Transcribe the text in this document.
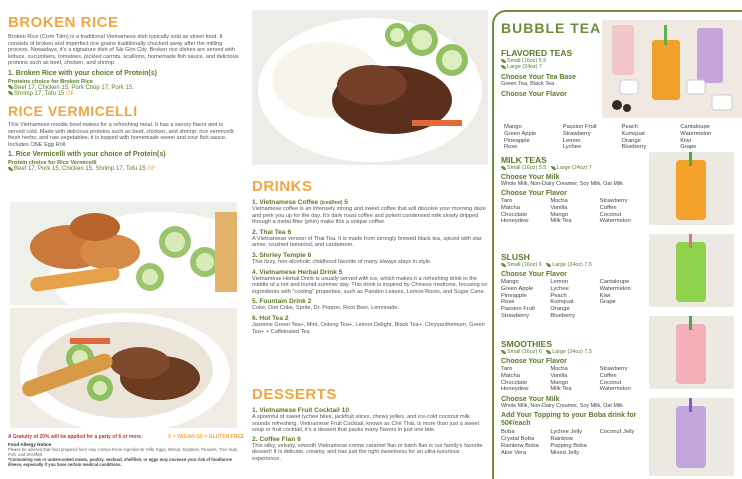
BROKEN RICE
Broken Rice (Cơm Tấm) is a traditional Vietnamese dish typically sold as street food. It consists of broken and imperfect rice grains traditionally chucked away after the milling process. Nowadays, it's a signature dish of Sài Gòn City. Broken rice dishes are served with lettuce, cucumbers, tomatoes, pickled carrots, scallions, homemade fish sauce, and delicious proteins such as beef, chicken, and shrimp.
1. Broken Rice with your choice of Protein(s)
Proteins choice for Broken Rice
Beef 17, Chicken 15, Pork Chop 17, Pork 15,
Shrimp 17, Tofu 15 GF
RICE VERMICELLI
This Vietnamese noodle bowl makes for a refreshing meal. It has a savory flavor and is served cold. Made with delicious proteins such as beef, chicken, and shrimp; rice vermicelli; fresh herbs; and raw vegetables, it is topped with homemade sweet and sour fish sauce. Includes ONE Egg Roll.
1. Rice Vermicelli with your choice of Protein(s)
Protein choice for Rice Vermicelli
Beef 17, Pork 15, Chicken 15, Shrimp 17, Tofu 15 GF
A Gratuity of 20% will be applied for a party of 6 or more.	V = VEGAN GF = GLUTEN FREE
Food Allergy Notice
Please be advised that food prepared here may contain these ingredients: Milk, Eggs, Wheat, Soybean, Peanuts, Tree Nuts, Fish, and Shellfish.
*Consuming raw or undercooked meats, poultry, seafood, shellfish, or eggs may increase your risk of foodborne illness, especially if you have certain medical conditions.
DRINKS
1. Vietnamese Coffee (iced/hot) 5
Vietnamese coffee is an intensely strong and sweet coffee that will dissolve your morning daze and perk you up for the day. It's dark roast coffee and potent condensed milk slowly dripped through a metal filter (phin) make this a unique coffee.
2. Thai Tea 6
A Vietnamese version of Thai Tea. It is made from strongly brewed black tea, spiced with star anise, crushed tamarind, and cardamom.
3. Shirley Temple 6
This fizzy, non-alcoholic childhood favorite of many always stays in style.
4. Vietnamese Herbal Drink 5
Vietnamese Herbal Drink is usually served with ice, which makes it a refreshing drink in the middle of a hot and humid summer day. This drink is inspired by Chinese medicine, focusing on ingredients with "cooling" properties, such as Panden Leaves, Lemon Roots, and Sugar Cane.
5. Fountain Drink 2
Coke, Diet Coke, Sprite, Dr. Pepper, Root Beer, Lemonade.
6. Hot Tea 2
Jasmine Green Tea+, Mint, Oolong Tea+, Lemon Delight, Black Tea+, Chrysanthemum, Green Tea+ + Caffeinated Tea
DESSERTS
1. Vietnamese Fruit Cocktail 10
A spoonful of sweet lychee bites, jackfruit slices, chewy jellies, and ice-cold coconut milk sounds refreshing. Vietnamese Fruit Cocktail, known as Chè Thái, is more than just a sweet soup or fruit cocktail, it's a dessert that packs many flavors in just one bite.
2. Coffee Flan 6
This silky, velvety, smooth Vietnamese crème caramel flan or bánh flan is our family's favorite dessert! It is delicate, creamy, and has just the right sweetness for an ultra-luxurious experience.
BUBBLE TEA
FLAVORED TEAS
Small (16oz) 5.5
Large (24oz) 7
Choose Your Tea Base
Green Tea, Black Tea
Choose Your Flavor
Mango	Passion Fruit	Peach	Cantaloupe
Green Apple	Strawberry	Kumquat	Watermelon
Pineapple	Lemon	Orange	Kiwi
Rose	Lychee	Blueberry	Grape
MILK TEAS
Small (16oz) 5.5 Large (24oz) 7
Choose Your Milk
Whole Milk, Non-Dairy Creamer, Soy Milk, Oat Milk
Choose Your Flavor
Taro	Mocha	Strawberry
Matcha	Vanilla	Coffee
Chocolate	Mango	Coconut
Honeydew	Milk Tea	Watermelon
SLUSH
Small (16oz) 6 Large (24oz) 7.5
Choose Your Flavor
Mango	Lemon	Cantaloupe
Green Apple	Lychee	Watermelon
Pineapple	Peach	Kiwi
Rose	Kumquat	Grape
Passion Fruit	Orange
Strawberry	Blueberry
SMOOTHIES
Small (16oz) 6 Large (24oz) 7.5
Choose Your Flavor
Taro	Mocha	Strawberry
Matcha	Vanilla	Coffee
Chocolate	Mango	Coconut
Honeydew	Milk Tea	Watermelon
Choose Your Milk
Whole Milk, Non-Dairy Creamer, Soy Milk, Oat Milk
Add Your Topping to your Boba drink for 50¢/each
Boba	Lychee Jelly	Coconut Jelly
Crystal Boba	Rainbow
Rainbow Boba	Popping Boba
Aloe Vera	Mixed Jelly
